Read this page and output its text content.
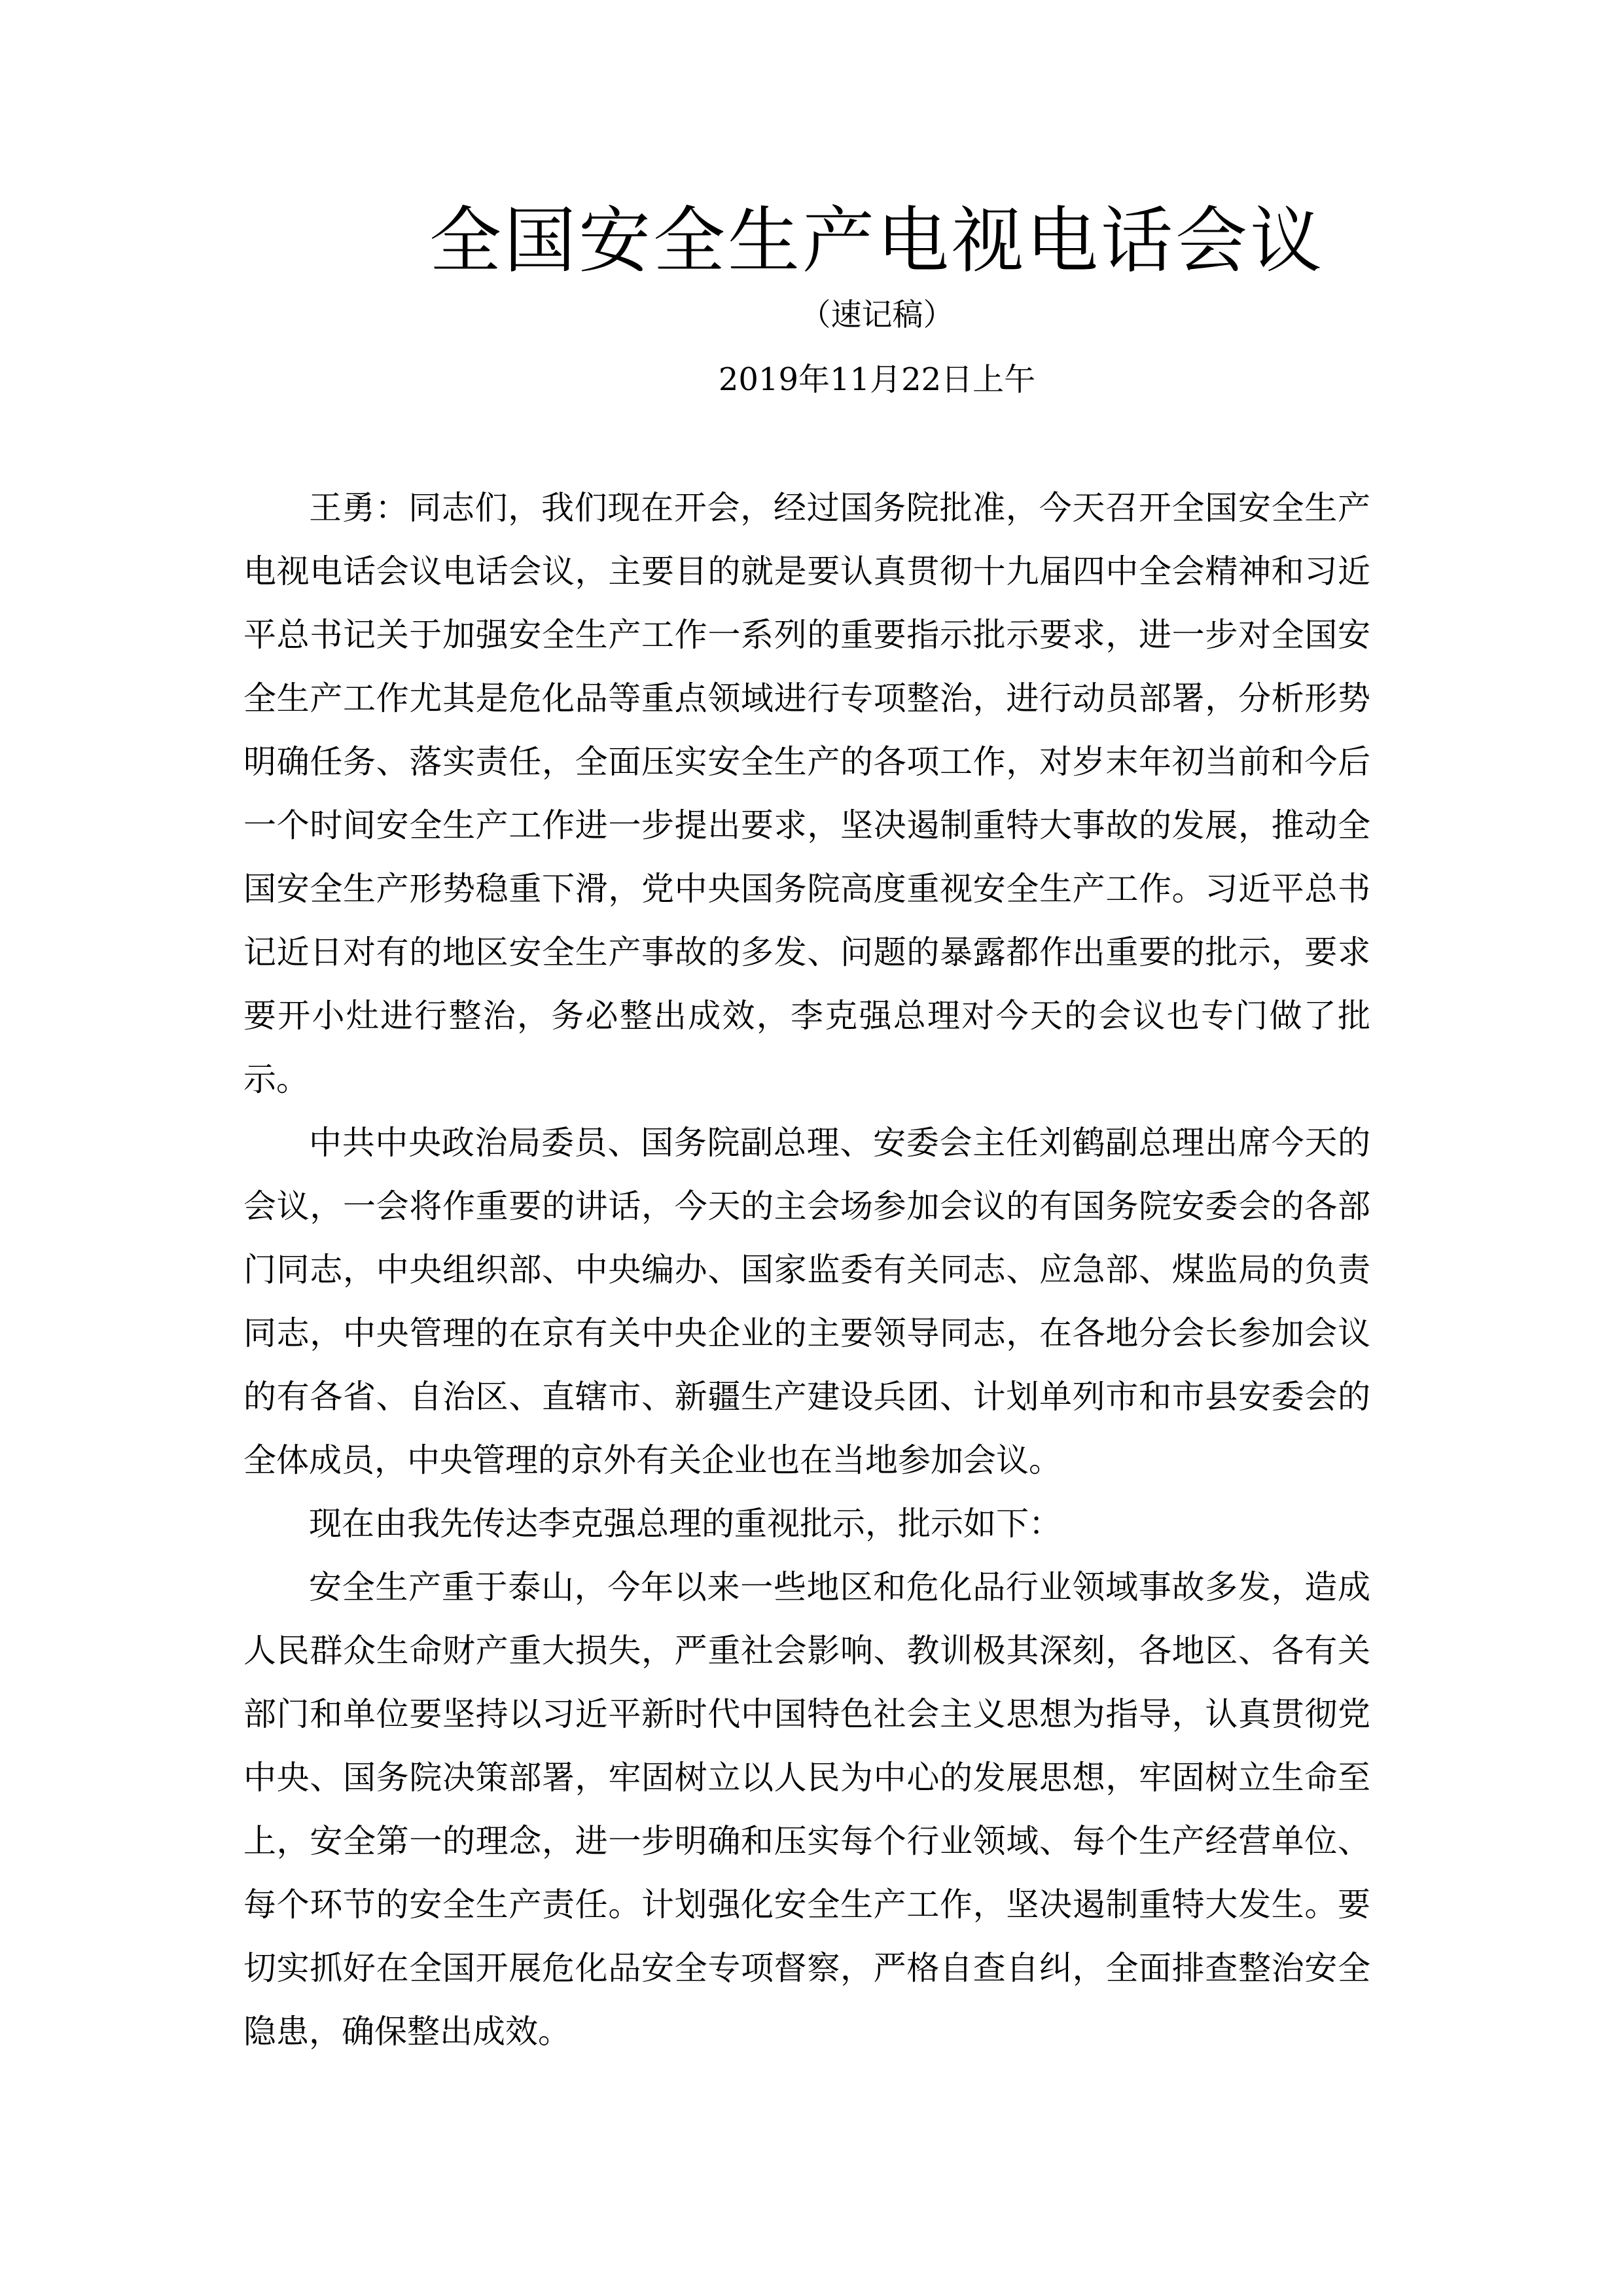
全国安全生产电视电话会议
（速记稿）
2019年11月22日上午

王勇：同志们，我们现在开会，经过国务院批准，今天召开全国安全生产电视电话会议电话会议，主要目的就是要认真贯彻十九届四中全会精神和习近平总书记关于加强安全生产工作一系列的重要指示批示要求，进一步对全国安全生产工作尤其是危化品等重点领域进行专项整治，进行动员部署，分析形势明确任务、落实责任，全面压实安全生产的各项工作，对岁末年初当前和今后一个时间安全生产工作进一步提出要求，坚决遏制重特大事故的发展，推动全国安全生产形势稳重下滑，党中央国务院高度重视安全生产工作。习近平总书记近日对有的地区安全生产事故的多发、问题的暴露都作出重要的批示，要求要开小灶进行整治，务必整出成效，李克强总理对今天的会议也专门做了批示。

中共中央政治局委员、国务院副总理、安委会主任刘鹤副总理出席今天的会议，一会将作重要的讲话，今天的主会场参加会议的有国务院安委会的各部门同志，中央组织部、中央编办、国家监委有关同志、应急部、煤监局的负责同志，中央管理的在京有关中央企业的主要领导同志，在各地分会长参加会议的有各省、自治区、直辖市、新疆生产建设兵团、计划单列市和市县安委会的全体成员，中央管理的京外有关企业也在当地参加会议。

现在由我先传达李克强总理的重视批示，批示如下：

安全生产重于泰山，今年以来一些地区和危化品行业领域事故多发，造成人民群众生命财产重大损失，严重社会影响、教训极其深刻，各地区、各有关部门和单位要坚持以习近平新时代中国特色社会主义思想为指导，认真贯彻党中央、国务院决策部署，牢固树立以人民为中心的发展思想，牢固树立生命至上，安全第一的理念，进一步明确和压实每个行业领域、每个生产经营单位、每个环节的安全生产责任。计划强化安全生产工作，坚决遏制重特大发生。要切实抓好在全国开展危化品安全专项督察，严格自查自纠，全面排查整治安全隐患，确保整出成效。
